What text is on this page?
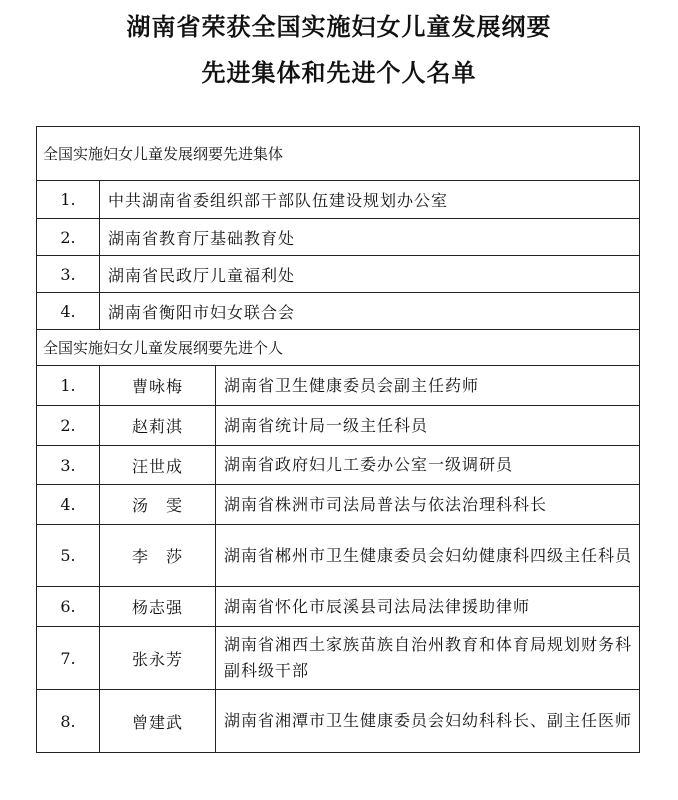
湖南省荣获全国实施妇女儿童发展纲要
先进集体和先进个人名单
全国实施妇女儿童发展纲要先进集体		
1.	中共湖南省委组织部干部队伍建设规划办公室	
2.	湖南省教育厅基础教育处	
3.	湖南省民政厅儿童福利处	
4.	湖南省衡阳市妇女联合会	
全国实施妇女儿童发展纲要先进个人		
1.	曹咏梅	湖南省卫生健康委员会副主任药师
2.	赵莉淇	湖南省统计局一级主任科员
3.	汪世成	湖南省政府妇儿工委办公室一级调研员
4.	汤　雯	湖南省株洲市司法局普法与依法治理科科长
5.	李　莎	湖南省郴州市卫生健康委员会妇幼健康科四级主任科员
6.	杨志强	湖南省怀化市辰溪县司法局法律援助律师
7.	张永芳	湖南省湘西土家族苗族自治州教育和体育局规划财务科副科级干部
8.	曾建武	湖南省湘潭市卫生健康委员会妇幼科科长、副主任医师
